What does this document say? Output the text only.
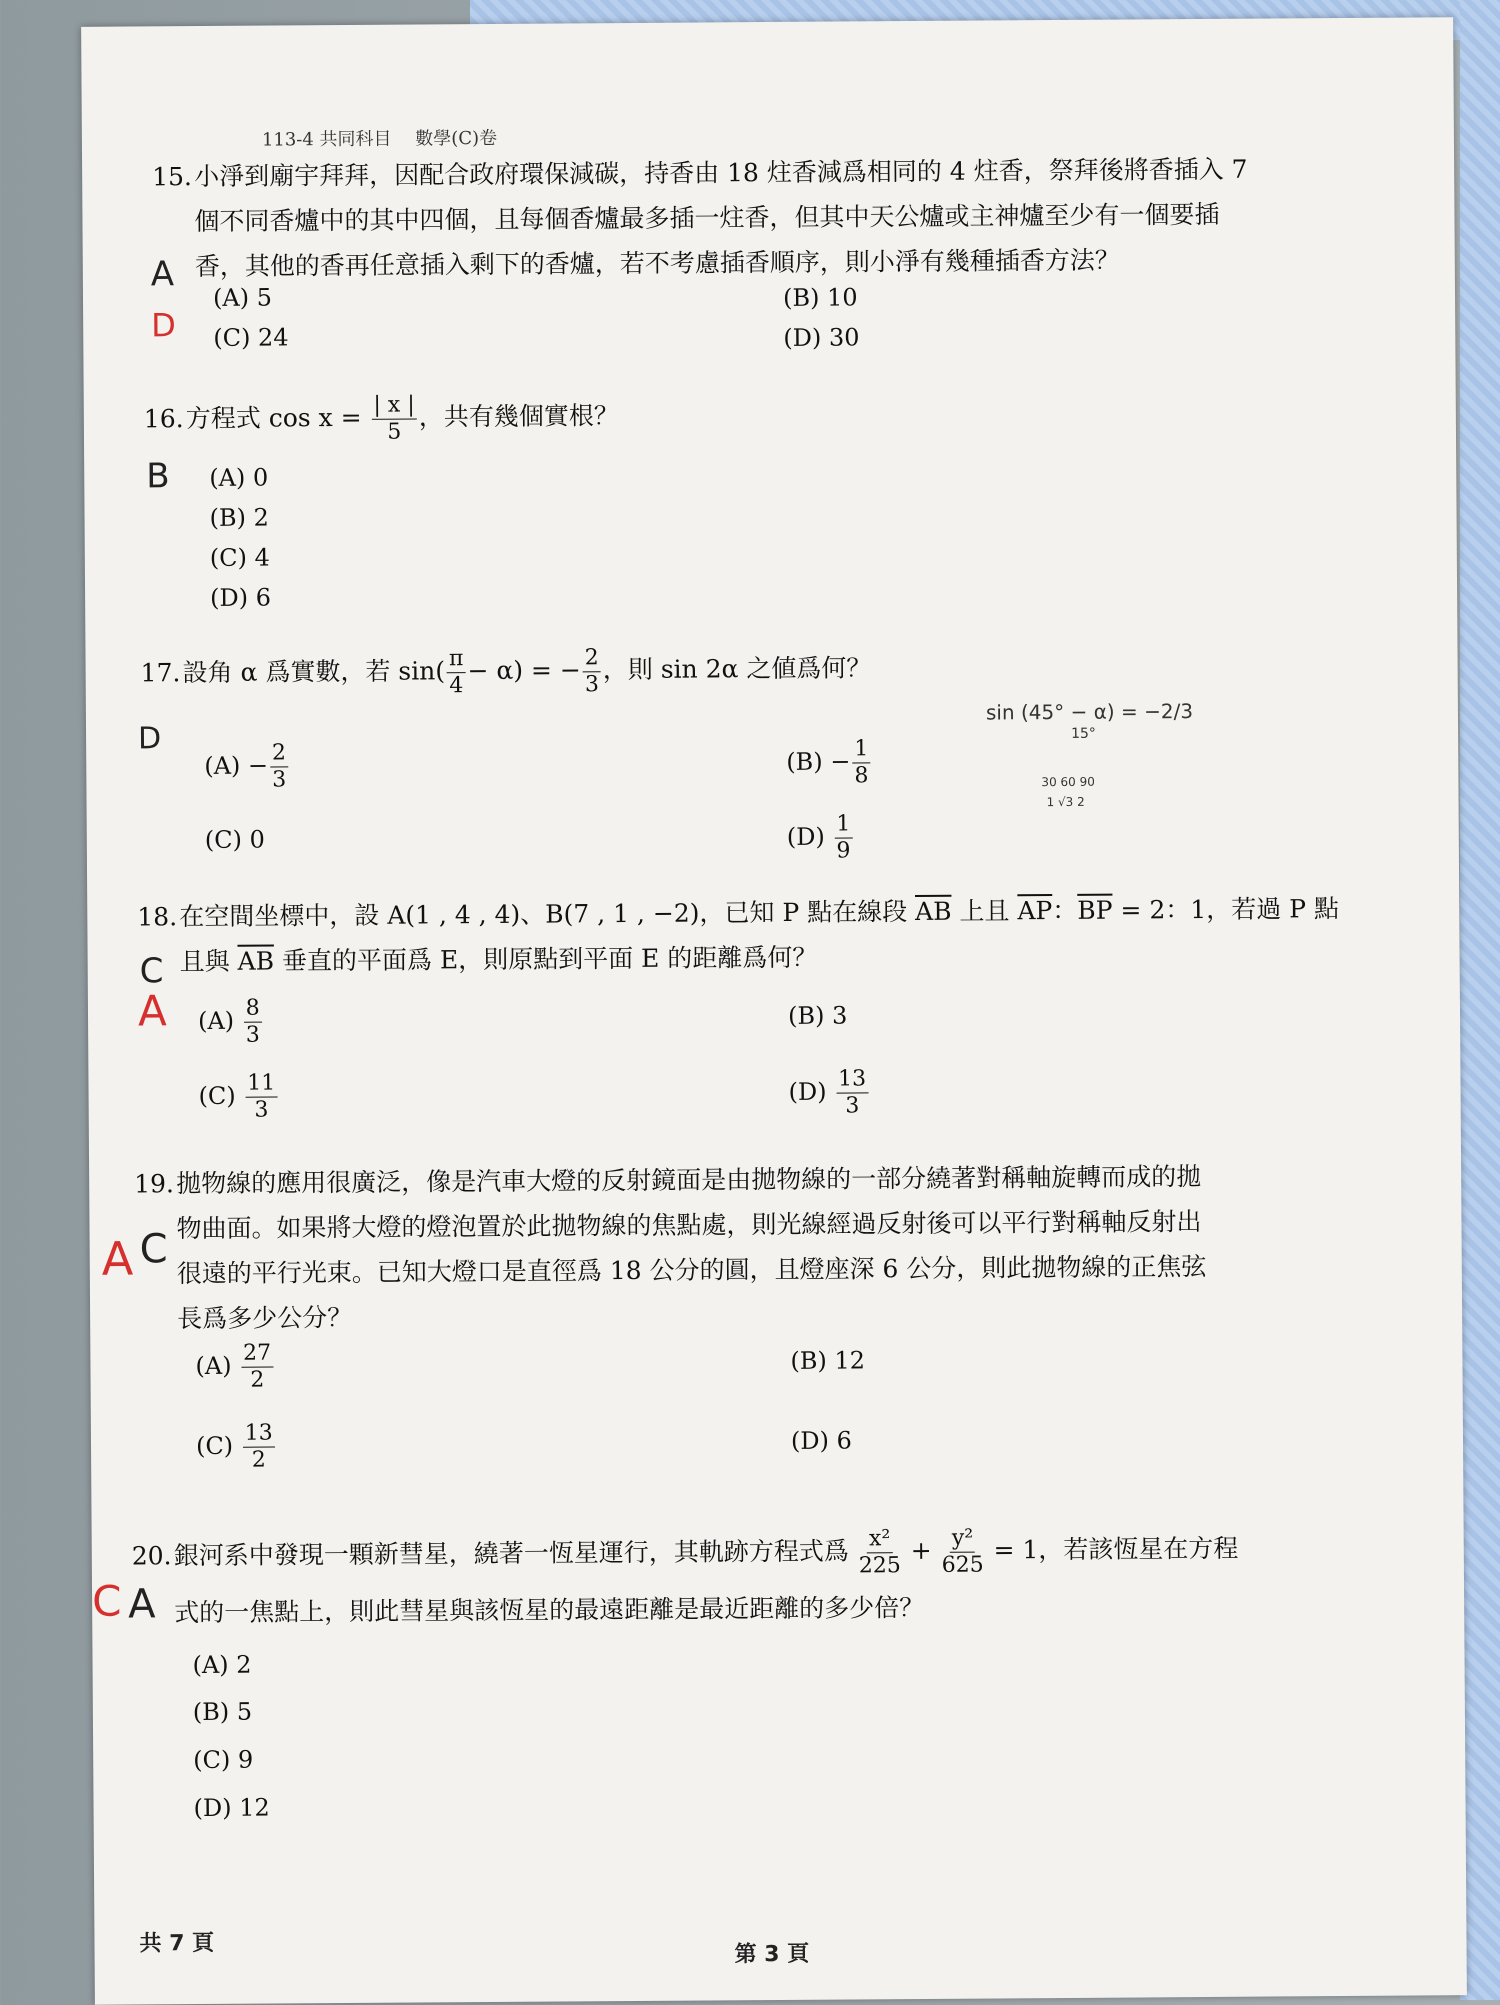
113-4 共同科目 數學(C)卷
15.小淨到廟宇拜拜，因配合政府環保減碳，持香由 18 炷香減爲相同的 4 炷香，祭拜後將香插入 7
個不同香爐中的其中四個，且每個香爐最多插一炷香，但其中天公爐或主神爐至少有一個要插
香，其他的香再任意插入剩下的香爐，若不考慮插香順序，則小淨有幾種插香方法？
(A) 5	(B) 10
(C) 24	(D) 30
16.方程式 $\cos x = \frac{| x |}{5}$ ，共有幾個實根？
(A) 0
(B) 2
(C) 4
(D) 6
17.設角 α 爲實數，若 $\sin( \frac{\pi}{4} - \alpha)$ = − $\frac{2}{3}$ ，則 sin 2α 之値爲何？
$(A) - \frac{2}{3}$	$(B) - \frac{1}{8}$
(C) 0	$(D) \frac{1}{9}$
18.在空間坐標中，設 A(1 , 4 , 4)、B(7 , 1 , −2)，已知 P 點在線段 $\overline{AB}$ 上且 $\overline{AP}$：$\overline{BP} = 2$：1，若過 P 點
且與 $\overline{AB}$ 垂直的平面爲 E，則原點到平面 E 的距離爲何？
$(A) \frac{8}{3}$	(B) 3
$(C) \frac{11}{3}$	$(D) \frac{13}{3}$
19.拋物線的應用很廣泛，像是汽車大燈的反射鏡面是由拋物線的一部分繞著對稱軸旋轉而成的拋
物曲面。如果將大燈的燈泡置於此拋物線的焦點處，則光線經過反射後可以平行對稱軸反射出
很遠的平行光束。已知大燈口是直徑爲 18 公分的圓，且燈座深 6 公分，則此拋物線的正焦弦
長爲多少公分？
$(A) \frac{27}{2}$	(B) 12
$(C) \frac{13}{2}$	(D) 6
20.銀河系中發現一顆新彗星，繞著一恆星運行，其軌跡方程式爲 $\frac{\text{x²}}{225} + \frac{\text{y²}}{625} = 1$，若該恆星在方程
式的一焦點上，則此彗星與該恆星的最遠距離是最近距離的多少倍？
(A) 2
(B) 5
(C) 9
(D) 12
A
D
B
D
C
A
A C
C A
sin (45° − α) = −2/3
15°
30 60 90
1 √3 2
共 7 頁	第 3 頁
